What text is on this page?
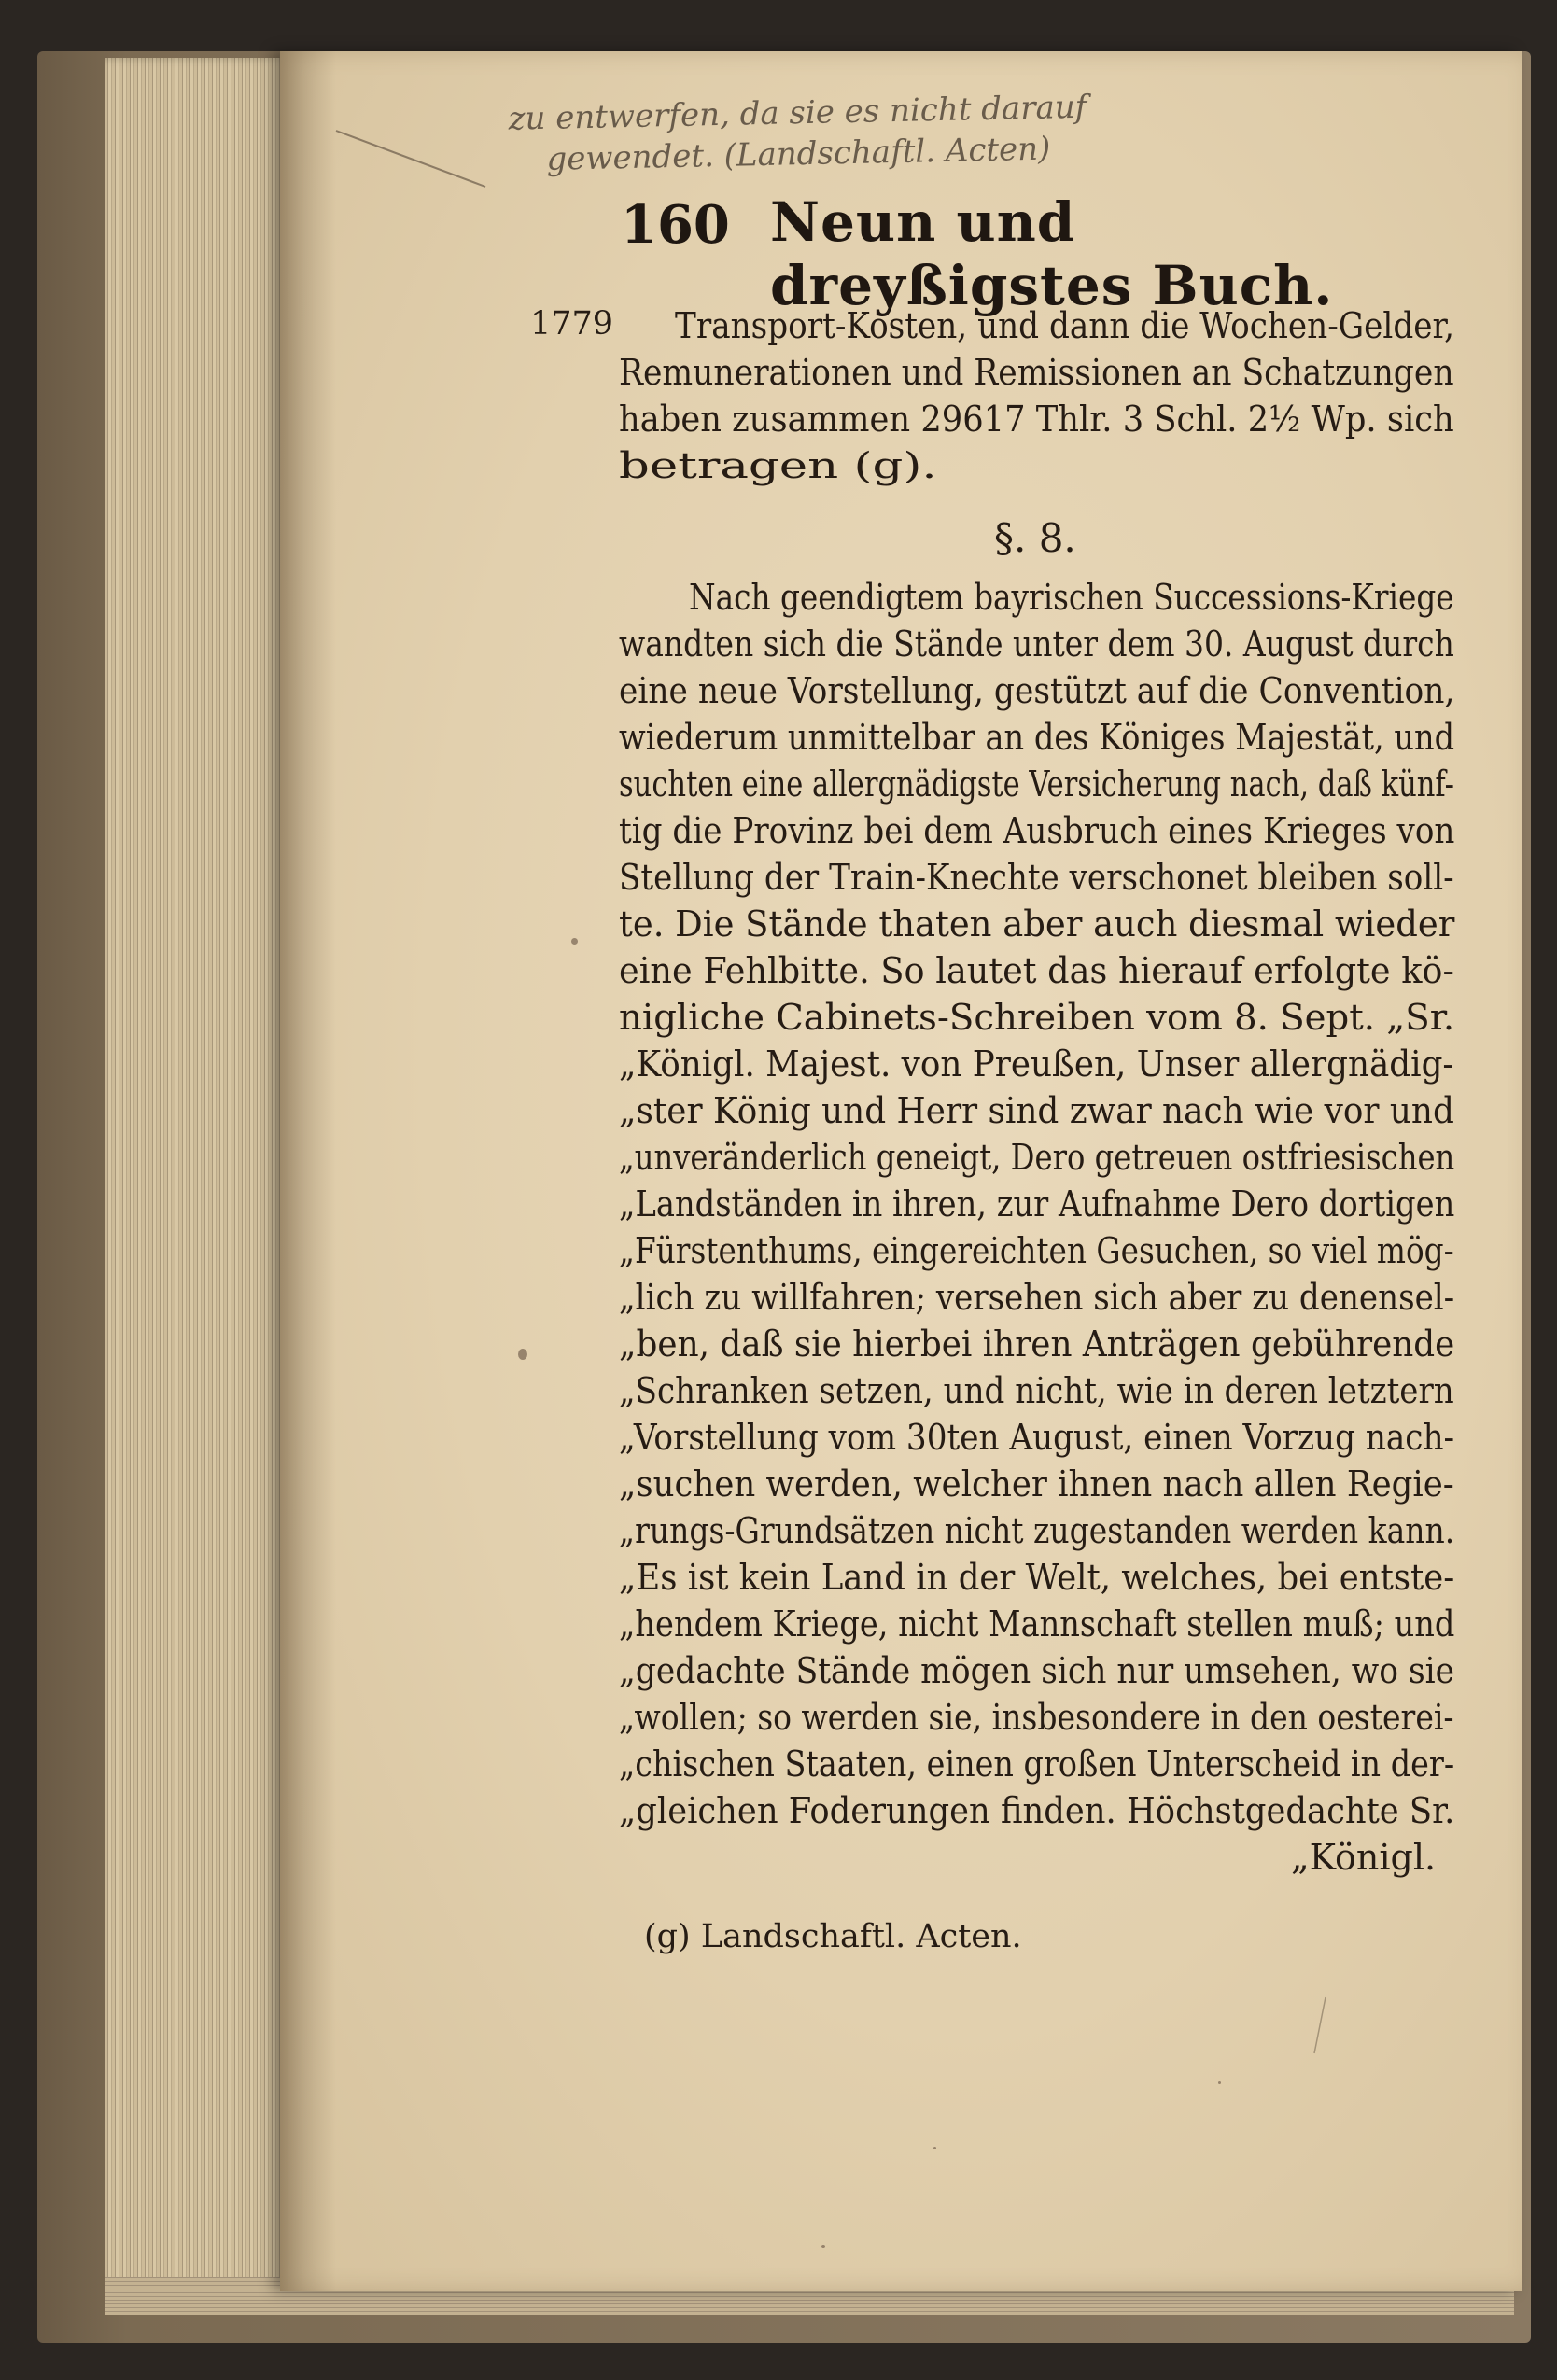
zu entwerfen, da sie es nicht darauf
gewendet. (Landschaftl. Acten)
160 Neun und dreyßigstes Buch.
1779 Transport-Kosten, und dann die Wochen-Gelder,
Remunerationen und Remissionen an Schatzungen
haben zusammen 29617 Thlr. 3 Schl. 2½ Wp. sich
betragen (g).
Nach geendigtem bayrischen Successions-Kriege
wandten sich die Stände unter dem 30. August durch
eine neue Vorstellung, gestützt auf die Convention,
wiederum unmittelbar an des Königes Majestät, und
suchten eine allergnädigste Versicherung nach, daß künf-
tig die Provinz bei dem Ausbruch eines Krieges von
Stellung der Train-Knechte verschonet bleiben soll-
te. Die Stände thaten aber auch diesmal wieder
eine Fehlbitte. So lautet das hierauf erfolgte kö-
nigliche Cabinets-Schreiben vom 8. Sept. „Sr.
„Königl. Majest. von Preußen, Unser allergnädig-
„ster König und Herr sind zwar nach wie vor und
„unveränderlich geneigt, Dero getreuen ostfriesischen
„Landständen in ihren, zur Aufnahme Dero dortigen
„Fürstenthums, eingereichten Gesuchen, so viel mög-
„lich zu willfahren; versehen sich aber zu denensel-
„ben, daß sie hierbei ihren Anträgen gebührende
„Schranken setzen, und nicht, wie in deren letztern
„Vorstellung vom 30ten August, einen Vorzug nach-
„suchen werden, welcher ihnen nach allen Regie-
„rungs-Grundsätzen nicht zugestanden werden kann.
„Es ist kein Land in der Welt, welches, bei entste-
„hendem Kriege, nicht Mannschaft stellen muß; und
„gedachte Stände mögen sich nur umsehen, wo sie
„wollen; so werden sie, insbesondere in den oesterei-
„chischen Staaten, einen großen Unterscheid in der-
„gleichen Foderungen finden. Höchstgedachte Sr.
„Königl.
§. 8.
(g) Landschaftl. Acten.
